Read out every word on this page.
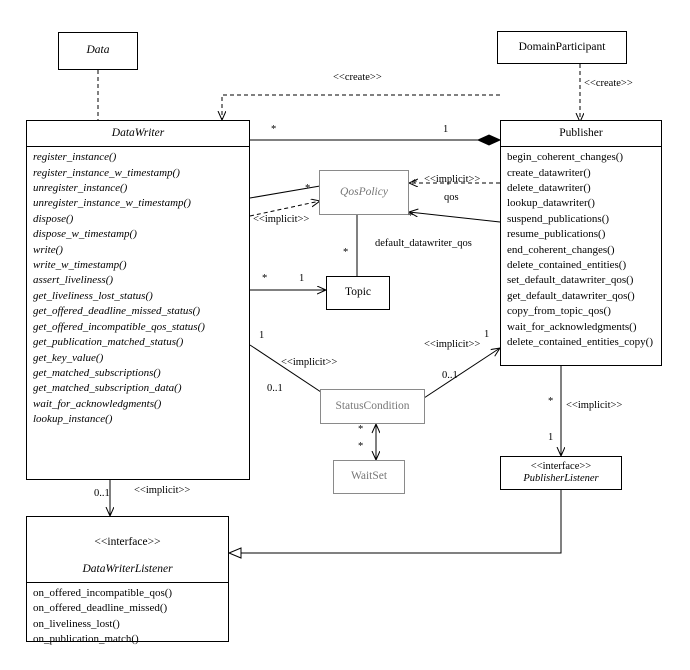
Data	DomainParticipant
DataWriter
register_instance()
register_instance_w_timestamp()
unregister_instance()
unregister_instance_w_timestamp()
dispose()
dispose_w_timestamp()
write()
write_w_timestamp()
assert_liveliness()
get_liveliness_lost_status()
get_offered_deadline_missed_status()
get_offered_incompatible_qos_status()
get_publication_matched_status()
get_key_value()
get_matched_subscriptions()
get_matched_subscription_data()
wait_for_acknowledgments()
lookup_instance()
Publisher
begin_coherent_changes()
create_datawriter()
delete_datawriter()
lookup_datawriter()
suspend_publications()
resume_publications()
end_coherent_changes()
delete_contained_entities()
set_default_datawriter_qos()
get_default_datawriter_qos()
copy_from_topic_qos()
wait_for_acknowledgments()
delete_contained_entities_copy()
QosPolicy
Topic
StatusCondition
WaitSet
<<interface>>
PublisherListener

<<interface>>

DataWriterListener

on_offered_incompatible_qos()
on_offered_deadline_missed()
on_liveliness_lost()
on_publication_match()
<<create>>
<<create>>
*	1
<<implicit>>
qos
<<implicit>>
*	*
*
*
default_datawriter_qos
*	1
1
<<implicit>>
0..1
<<implicit>>
1
0..1
*
*
* <<implicit>>
1
0..1 <<implicit>>
